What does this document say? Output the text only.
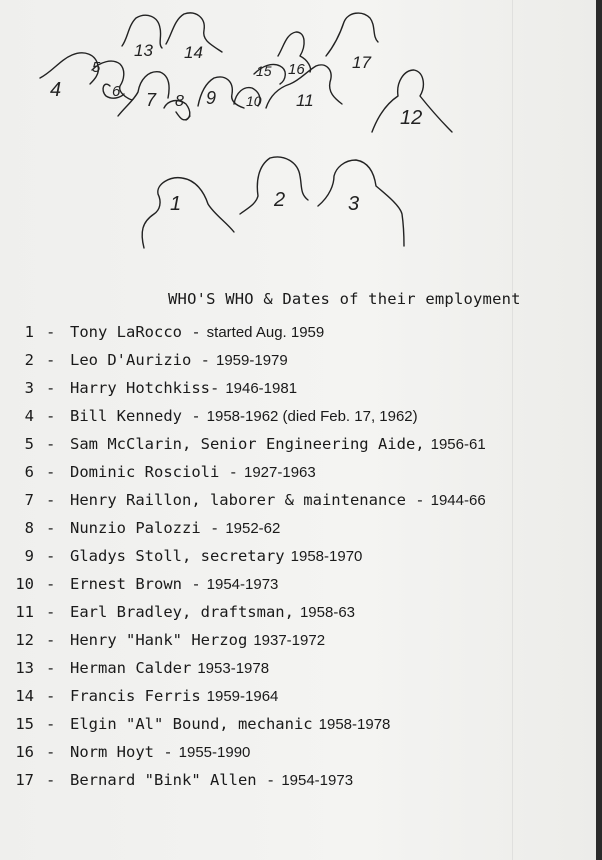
4
5
6 7 8 9 10 11
12
13 14
15 16	17
1	2	3
WHO'S WHO & Dates of their employment
1 - Tony LaRocco - started Aug. 1959
2 - Leo D'Aurizio - 1959-1979
3 - Harry Hotchkiss- 1946-1981
4 - Bill Kennedy - 1958-1962 (died Feb. 17, 1962)
5 - Sam McClarin, Senior Engineering Aide, 1956-61
6 - Dominic Roscioli - 1927-1963
7 - Henry Raillon, laborer & maintenance - 1944-66
8 - Nunzio Palozzi - 1952-62
9 - Gladys Stoll, secretary 1958-1970
10 - Ernest Brown - 1954-1973
11 - Earl Bradley, draftsman, 1958-63
12 - Henry "Hank" Herzog 1937-1972
13 - Herman Calder 1953-1978
14 - Francis Ferris 1959-1964
15 - Elgin "Al" Bound, mechanic 1958-1978
16 - Norm Hoyt - 1955-1990
17 - Bernard "Bink" Allen - 1954-1973
